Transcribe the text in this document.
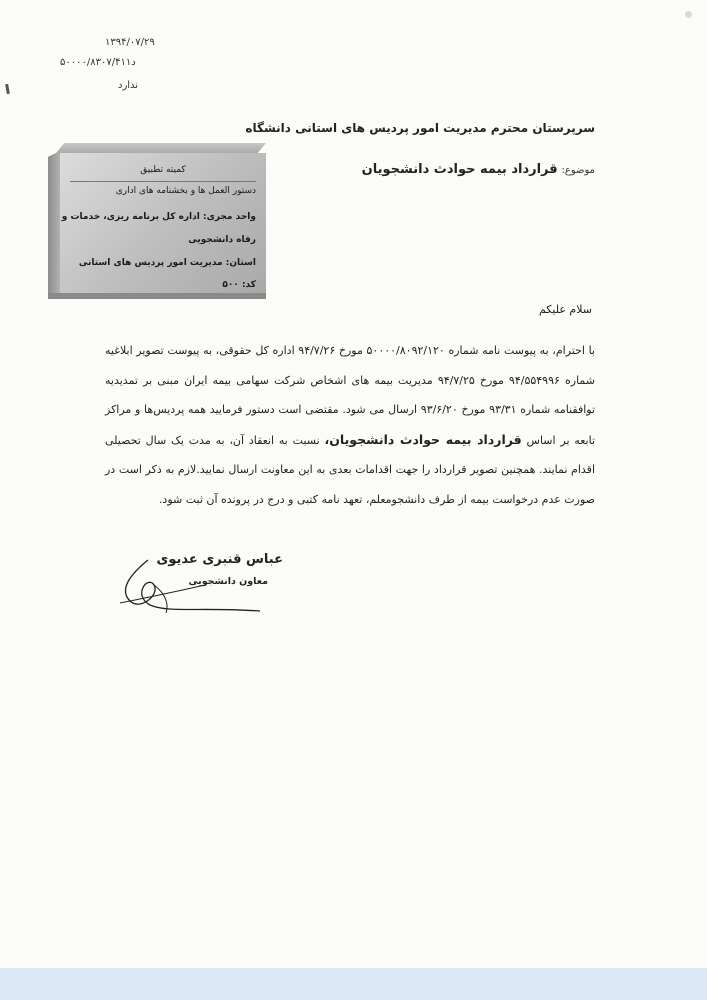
۱۳۹۴/۰۷/۲۹
۵۰۰۰۰/۸۳۰۷/۴۱۱د
ندارد
سرپرستان محترم مدیریت امور پردیس های استانی دانشگاه
موضوع: قرارداد بیمه حوادث دانشجویان
کمیته تطبیق
دستور العمل ها و بخشنامه های اداری
واحد مجری: اداره کل برنامه ریزی، خدمات و
رفاه دانشجویی
استان: مدیریت امور پردیس های استانی
کد: ۵۰۰
سلام علیکم
با احترام، به پیوست نامه شماره ۵۰۰۰۰/۸۰۹۲/۱۲۰ مورخ ۹۴/۷/۲۶ اداره کل حقوقی، به پیوست تصویر ابلاغیه شماره ۹۴/۵۵۴۹۹۶ مورخ ۹۴/۷/۲۵ مدیریت بیمه های اشخاص شرکت سهامی بیمه ایران مبنی بر تمدیدیه توافقنامه شماره ۹۳/۳۱ مورخ ۹۳/۶/۲۰ ارسال می شود. مقتضی است دستور فرمایید همه پردیس‌ها و مراکز تابعه بر اساس قرارداد بیمه حوادث دانشجویان، نسبت به انعقاد آن، به مدت یک سال تحصیلی اقدام نمایند. همچنین تصویر قرارداد را جهت اقدامات بعدی به این معاونت ارسال نمایید.لازم به ذکر است در صورت عدم درخواست بیمه از طرف دانشجومعلم، تعهد نامه کتبی و درج در پرونده آن ثبت شود.
عباس قنبری عدیوی
معاون دانشجویی
